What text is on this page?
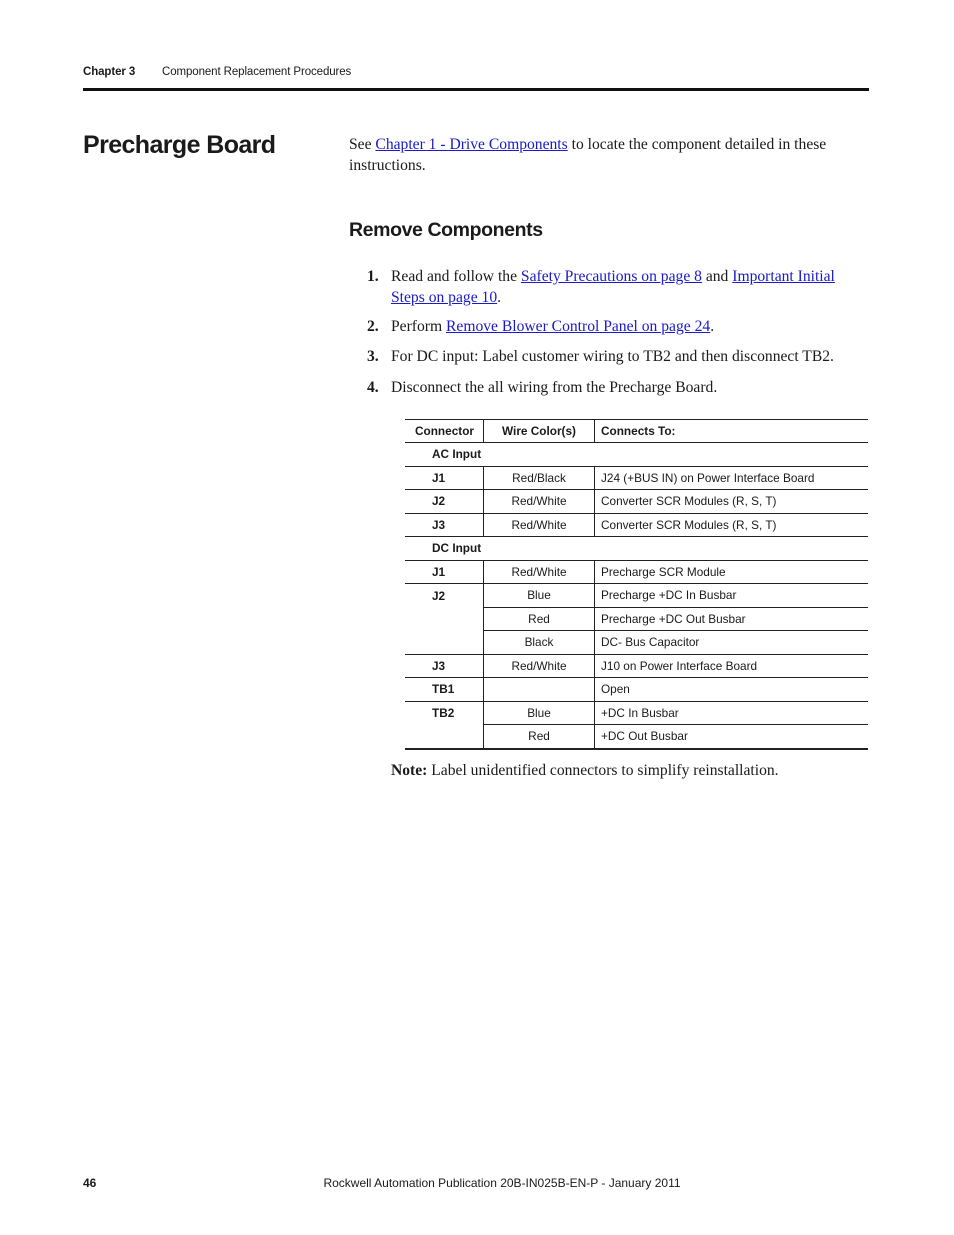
Chapter 3 Component Replacement Procedures
Precharge Board	See Chapter 1 - Drive Components to locate the component detailed in these instructions.

Remove Components
1. Read and follow the Safety Precautions on page 8 and Important Initial Steps on page 10.
2. Perform Remove Blower Control Panel on page 24.
3. For DC input: Label customer wiring to TB2 and then disconnect TB2.
4. Disconnect the all wiring from the Precharge Board.
Connector	Wire Color(s)	Connects To:
AC Input		
J1	Red/Black	J24 (+BUS IN) on Power Interface Board
J2	Red/White	Converter SCR Modules (R, S, T)
J3	Red/White	Converter SCR Modules (R, S, T)
DC Input		
J1	Red/White	Precharge SCR Module
J2	Blue	Precharge +DC In Busbar
	Red	Precharge +DC Out Busbar
	Black	DC- Bus Capacitor
J3	Red/White	J10 on Power Interface Board
TB1		Open
TB2	Blue	+DC In Busbar
	Red	+DC Out Busbar

Note: Label unidentified connectors to simplify reinstallation.

46	Rockwell Automation Publication 20B-IN025B-EN-P - January 2011
